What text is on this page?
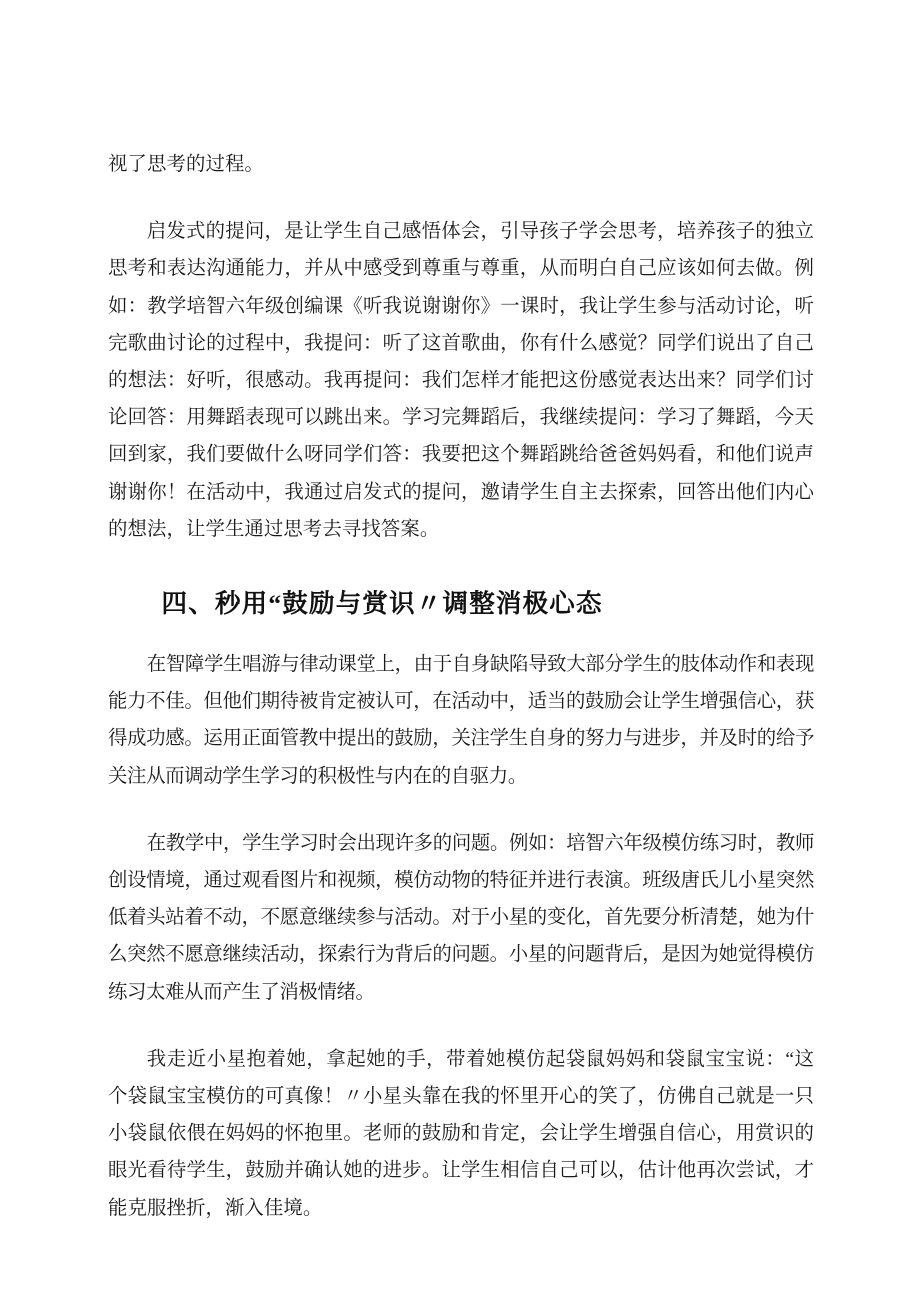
视了思考的过程。

启发式的提问，是让学生自己感悟体会，引导孩子学会思考，培养孩子的独立思考和表达沟通能力，并从中感受到尊重与尊重，从而明白自己应该如何去做。例如：教学培智六年级创编课《听我说谢谢你》一课时，我让学生参与活动讨论，听完歌曲讨论的过程中，我提问：听了这首歌曲，你有什么感觉？同学们说出了自己的想法：好听，很感动。我再提问：我们怎样才能把这份感觉表达出来？同学们讨论回答：用舞蹈表现可以跳出来。学习完舞蹈后，我继续提问：学习了舞蹈，今天回到家，我们要做什么呀同学们答：我要把这个舞蹈跳给爸爸妈妈看，和他们说声谢谢你！在活动中，我通过启发式的提问，邀请学生自主去探索，回答出他们内心的想法，让学生通过思考去寻找答案。

四、秒用“鼓励与赏识〃调整消极心态

在智障学生唱游与律动课堂上，由于自身缺陷导致大部分学生的肢体动作和表现能力不佳。但他们期待被肯定被认可，在活动中，适当的鼓励会让学生增强信心，获得成功感。运用正面管教中提出的鼓励，关注学生自身的努力与进步，并及时的给予关注从而调动学生学习的积极性与内在的自驱力。

在教学中，学生学习时会出现许多的问题。例如：培智六年级模仿练习时，教师创设情境，通过观看图片和视频，模仿动物的特征并进行表演。班级唐氏儿小星突然低着头站着不动，不愿意继续参与活动。对于小星的变化，首先要分析清楚，她为什么突然不愿意继续活动，探索行为背后的问题。小星的问题背后，是因为她觉得模仿练习太难从而产生了消极情绪。

我走近小星抱着她，拿起她的手，带着她模仿起袋鼠妈妈和袋鼠宝宝说：“这个袋鼠宝宝模仿的可真像！〃小星头靠在我的怀里开心的笑了，仿佛自己就是一只小袋鼠依偎在妈妈的怀抱里。老师的鼓励和肯定，会让学生增强自信心，用赏识的眼光看待学生，鼓励并确认她的进步。让学生相信自己可以，估计他再次尝试，才能克服挫折，渐入佳境。
